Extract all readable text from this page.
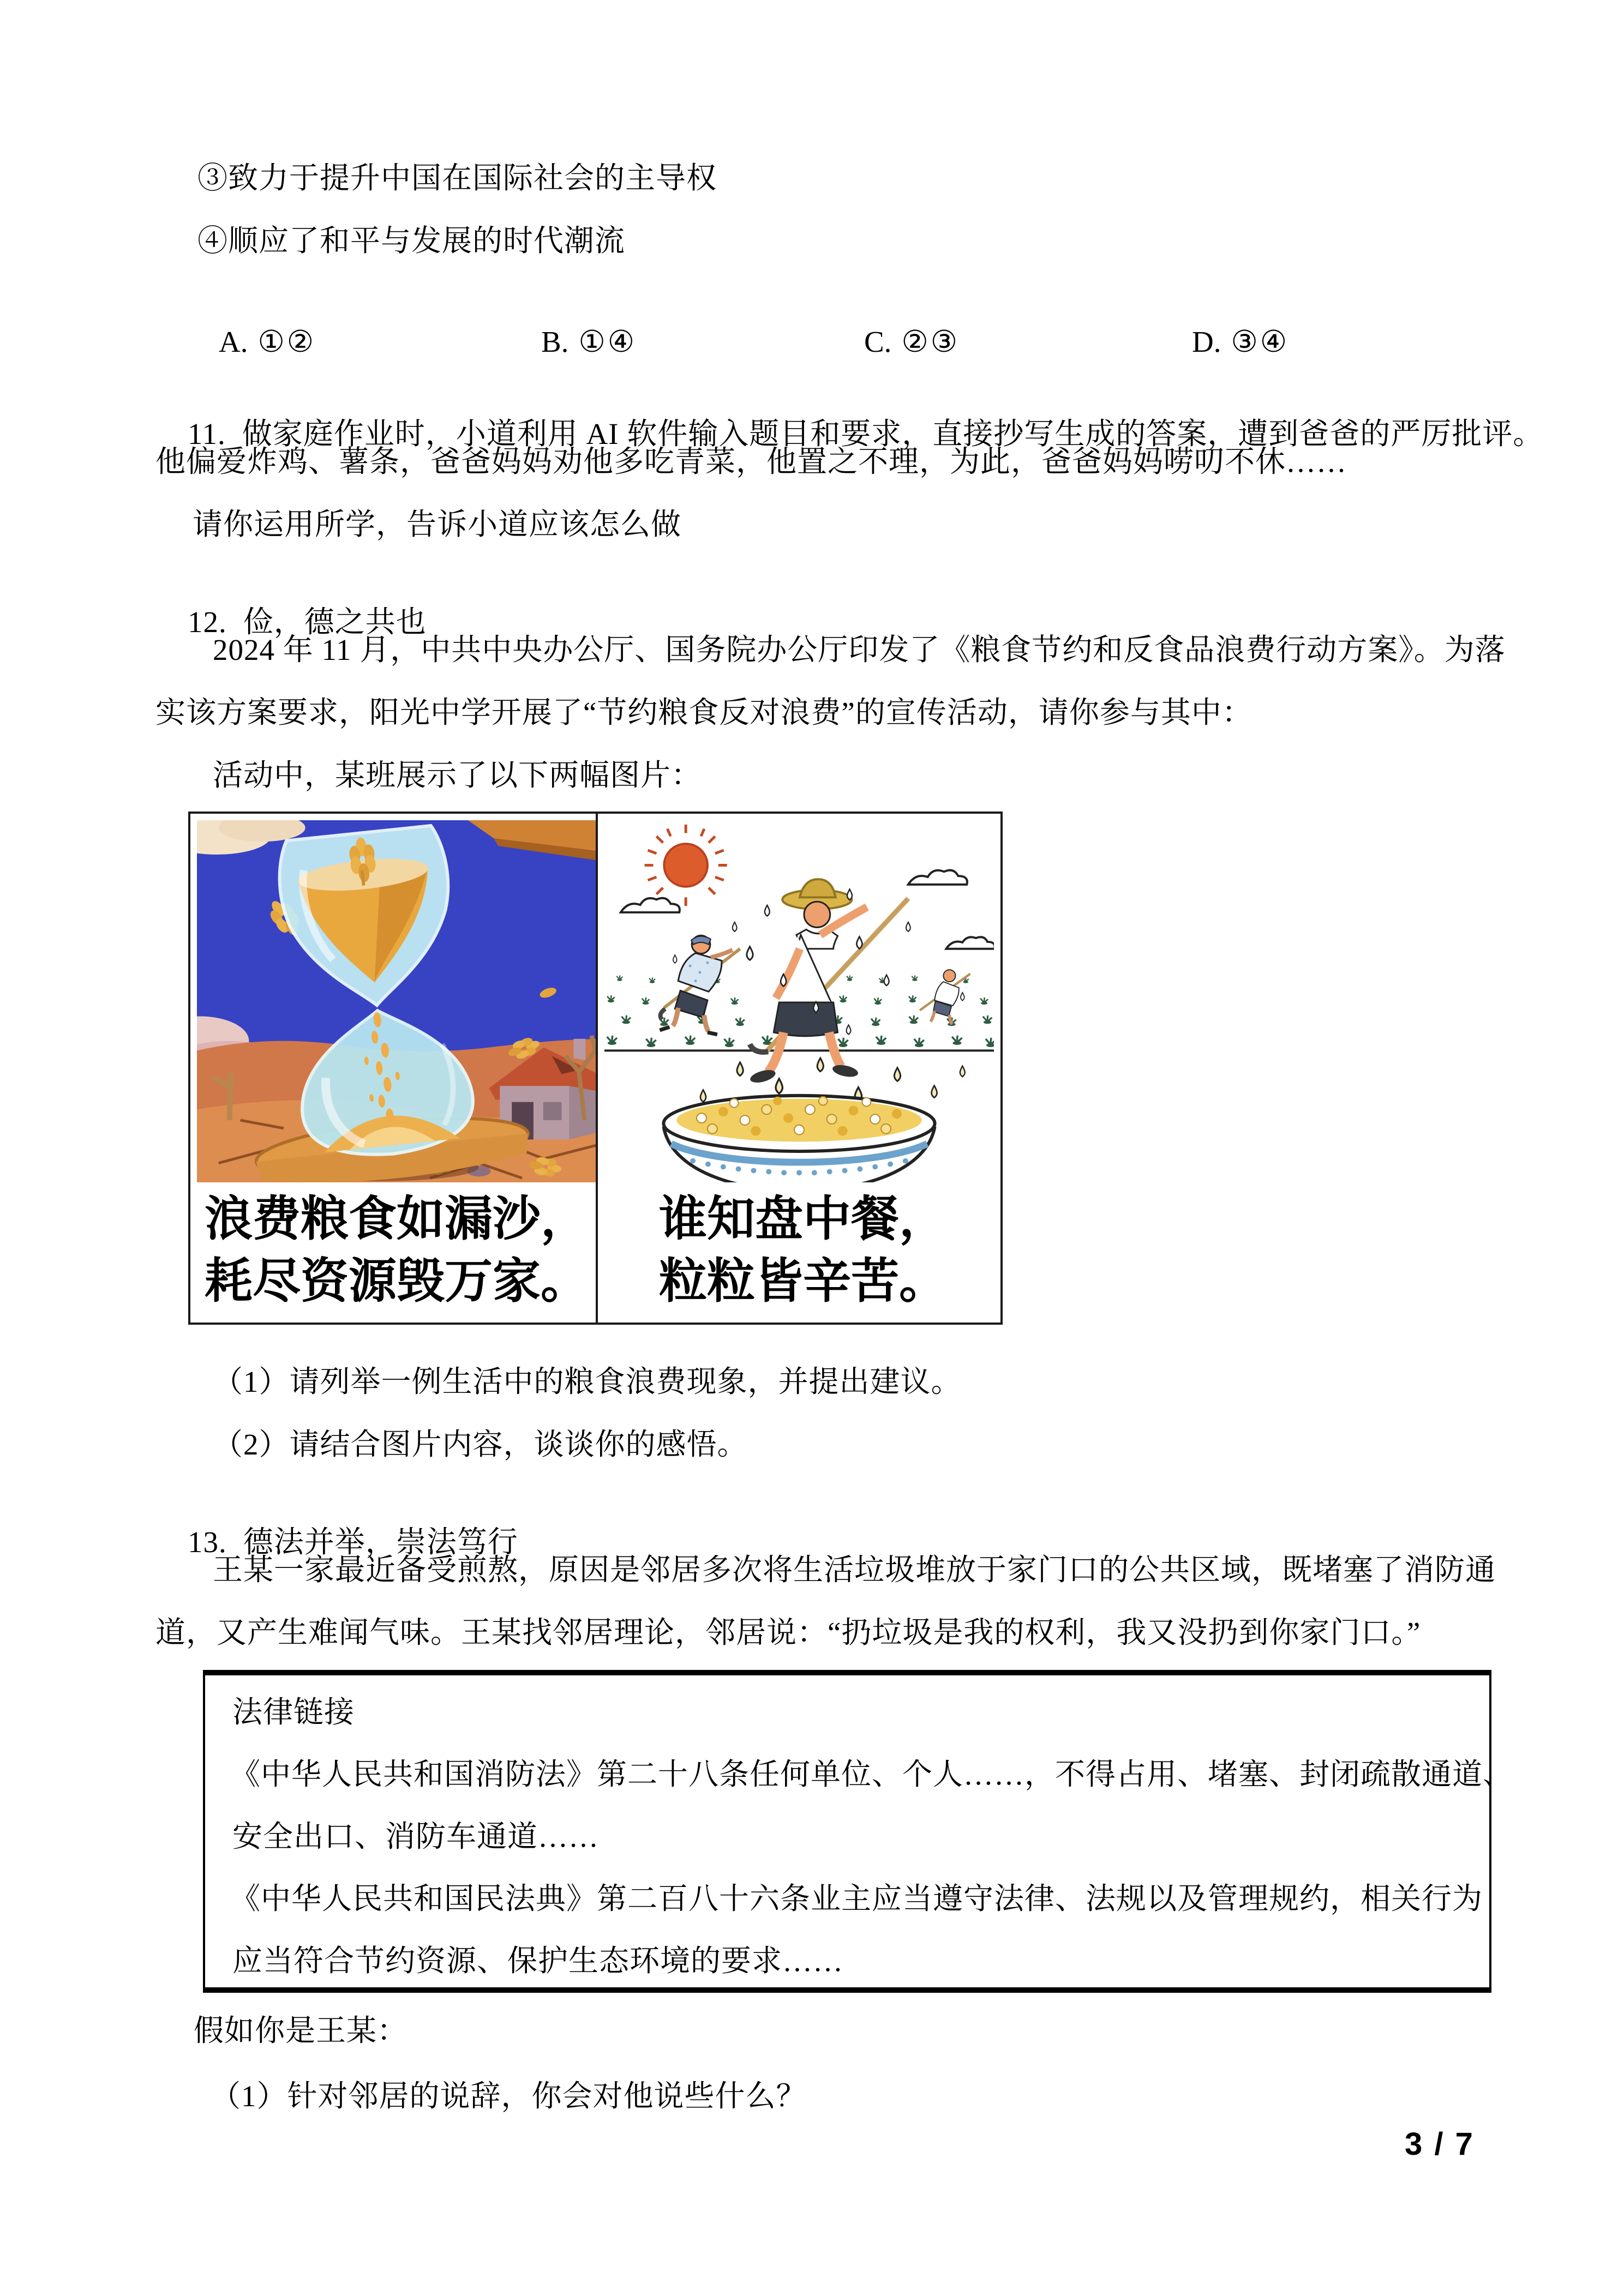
③致力于提升中国在国际社会的主导权
④顺应了和平与发展的时代潮流

A. ①②
	B. ①④
	C. ②③
	D. ③④

11. 做家庭作业时，小道利用 AI 软件输入题目和要求，直接抄写生成的答案，遭到爸爸的严厉批评。

他偏爱炸鸡、薯条，爸爸妈妈劝他多吃青菜，他置之不理，为此，爸爸妈妈唠叨不休……
请你运用所学，告诉小道应该怎么做

12. 俭，德之共也

2024 年 11 月，中共中央办公厅、国务院办公厅印发了《粮食节约和反食品浪费行动方案》。为落
实该方案要求，阳光中学开展了“节约粮食反对浪费”的宣传活动，请你参与其中：
活动中，某班展示了以下两幅图片：
浪费粮食如漏沙，
耗尽资源毁万家。
谁知盘中餐，
粒粒皆辛苦。
（1）请列举一例生活中的粮食浪费现象，并提出建议。
（2）请结合图片内容，谈谈你的感悟。

13. 德法并举，崇法笃行

王某一家最近备受煎熬，原因是邻居多次将生活垃圾堆放于家门口的公共区域，既堵塞了消防通
道，又产生难闻气味。王某找邻居理论，邻居说：“扔垃圾是我的权利，我又没扔到你家门口。”
法律链接
《中华人民共和国消防法》第二十八条任何单位、个人……，不得占用、堵塞、封闭疏散通道、
安全出口、消防车通道……
《中华人民共和国民法典》第二百八十六条业主应当遵守法律、法规以及管理规约，相关行为
应当符合节约资源、保护生态环境的要求……
假如你是王某：
（1）针对邻居的说辞，你会对他说些什么？
3 / 7
